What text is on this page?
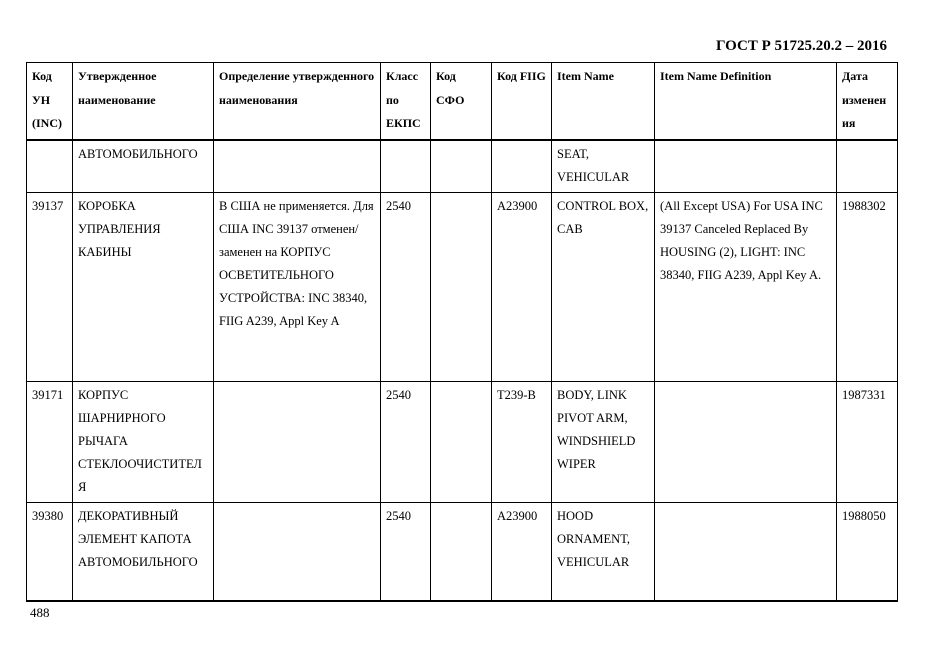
ГОСТ Р 51725.20.2 – 2016
Код УН (INC)	Утвержденное наименование	Определение утвержденного наименования	Класс по ЕКПС	Код СФО	Код FIIG	Item Name	Item Name Definition	Дата изменения
	АВТОМОБИЛЬНОГО					SEAT, VEHICULAR		
39137	КОРОБКА УПРАВЛЕНИЯ КАБИНЫ	В США не применяется. Для США INC 39137 отменен/заменен на КОРПУС ОСВЕТИТЕЛЬНОГО УСТРОЙСТВА: INC 38340, FIIG A239, Appl Key A	2540		A23900	CONTROL BOX, CAB	(All Except USA) For USA INC 39137 Canceled Replaced By HOUSING (2), LIGHT: INC 38340, FIIG A239, Appl Key A.	1988302
39171	КОРПУС ШАРНИРНОГО РЫЧАГА СТЕКЛООЧИСТИТЕЛЯ		2540		T239-B	BODY, LINK PIVOT ARM, WINDSHIELD WIPER		1987331
39380	ДЕКОРАТИВНЫЙ ЭЛЕМЕНТ КАПОТА АВТОМОБИЛЬНОГО		2540		A23900	HOOD ORNAMENT, VEHICULAR		1988050
488
